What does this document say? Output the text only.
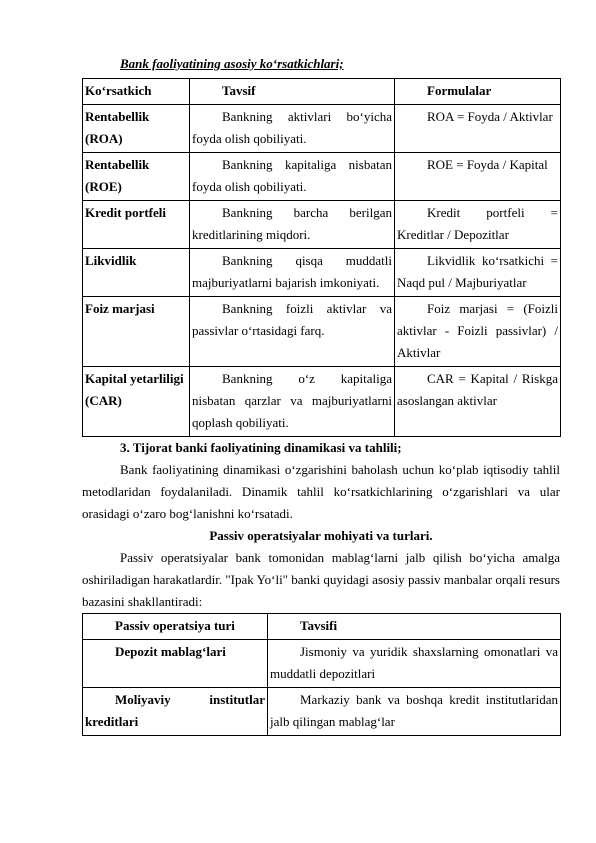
Bank faoliyatining asosiy ko‘rsatkichlari;
Ko‘rsatkich	Tavsif	Formulalar
Rentabellik (ROA)	Bankning aktivlari bo‘yicha foyda olish qobiliyati.	ROA = Foyda / Aktivlar
Rentabellik (ROE)	Bankning kapitaliga nisbatan foyda olish qobiliyati.	ROE = Foyda / Kapital
Kredit portfeli	Bankning barcha berilgan kreditlarining miqdori.	Kredit portfeli = Kreditlar / Depozitlar
Likvidlik	Bankning qisqa muddatli majburiyatlarni bajarish imkoniyati.	Likvidlik ko‘rsatkichi = Naqd pul / Majburiyatlar
Foiz marjasi	Bankning foizli aktivlar va passivlar o‘rtasidagi farq.	Foiz marjasi = (Foizli aktivlar - Foizli passivlar) / Aktivlar
Kapital yetarliligi (CAR)	Bankning o‘z kapitaliga nisbatan qarzlar va majburiyatlarni qoplash qobiliyati.	CAR = Kapital / Riskga asoslangan aktivlar

3. Tijorat banki faoliyatining dinamikasi va tahlili;

Bank faoliyatining dinamikasi o‘zgarishini baholash uchun ko‘plab iqtisodiy tahlil metodlaridan foydalaniladi. Dinamik tahlil ko‘rsatkichlarining o‘zgarishlari va ular orasidagi o‘zaro bog‘lanishni ko‘rsatadi.

Passiv operatsiyalar mohiyati va turlari.

Passiv operatsiyalar bank tomonidan mablag‘larni jalb qilish bo‘yicha amalga oshiriladigan harakatlardir. "Ipak Yo‘li" banki quyidagi asosiy passiv manbalar orqali resurs bazasini shakllantiradi:

Passiv operatsiya turi	Tavsifi
Depozit mablag‘lari	Jismoniy va yuridik shaxslarning omonatlari va muddatli depozitlari
Moliyaviy institutlar kreditlari	Markaziy bank va boshqa kredit institutlaridan jalb qilingan mablag‘lar
